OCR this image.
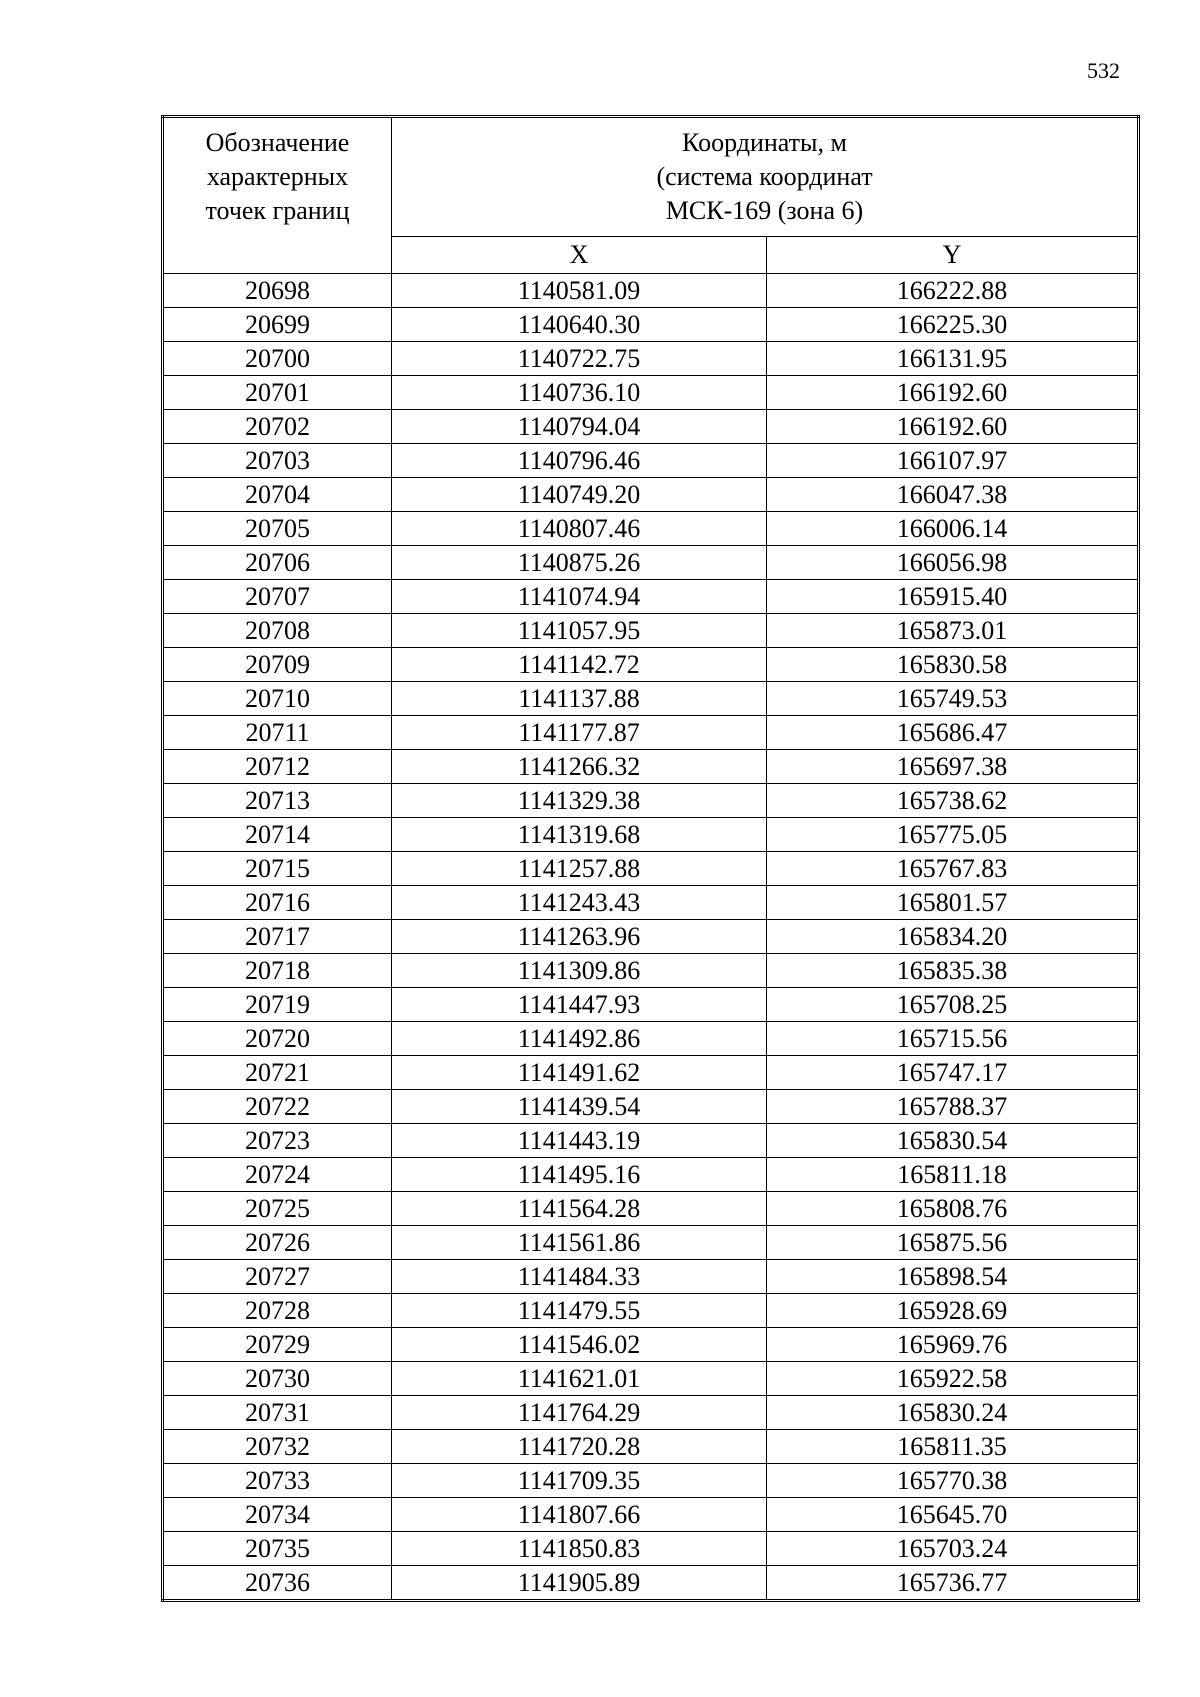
532
Обозначение
характерных
точек границ	Координаты, м
(система координат
МСК-169 (зона 6)	

	X	Y
20698	1140581.09	166222.88
20699	1140640.30	166225.30
20700	1140722.75	166131.95
20701	1140736.10	166192.60
20702	1140794.04	166192.60
20703	1140796.46	166107.97
20704	1140749.20	166047.38
20705	1140807.46	166006.14
20706	1140875.26	166056.98
20707	1141074.94	165915.40
20708	1141057.95	165873.01
20709	1141142.72	165830.58
20710	1141137.88	165749.53
20711	1141177.87	165686.47
20712	1141266.32	165697.38
20713	1141329.38	165738.62
20714	1141319.68	165775.05
20715	1141257.88	165767.83
20716	1141243.43	165801.57
20717	1141263.96	165834.20
20718	1141309.86	165835.38
20719	1141447.93	165708.25
20720	1141492.86	165715.56
20721	1141491.62	165747.17
20722	1141439.54	165788.37
20723	1141443.19	165830.54
20724	1141495.16	165811.18
20725	1141564.28	165808.76
20726	1141561.86	165875.56
20727	1141484.33	165898.54
20728	1141479.55	165928.69
20729	1141546.02	165969.76
20730	1141621.01	165922.58
20731	1141764.29	165830.24
20732	1141720.28	165811.35
20733	1141709.35	165770.38
20734	1141807.66	165645.70
20735	1141850.83	165703.24
20736	1141905.89	165736.77
